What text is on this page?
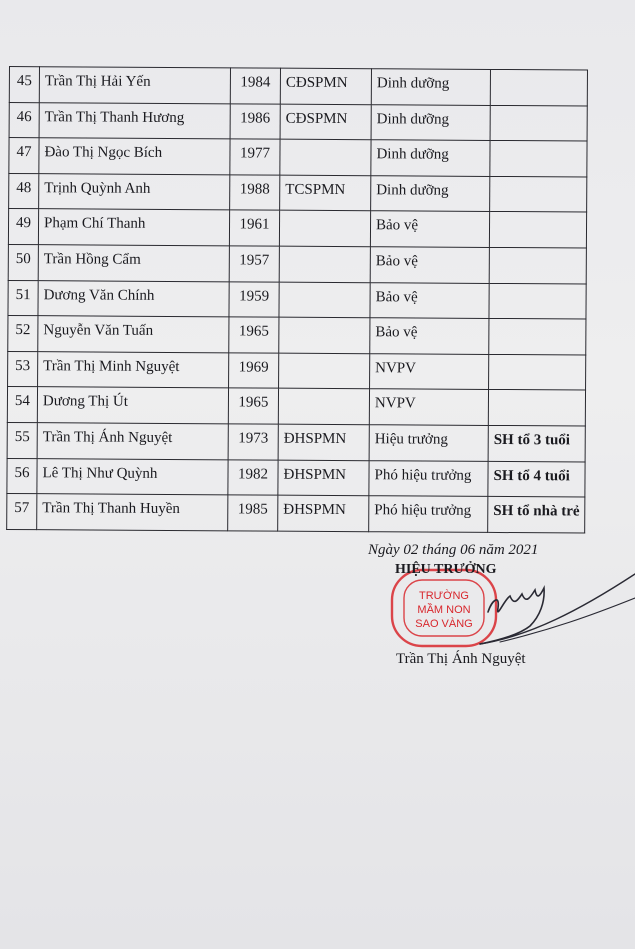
45	Trần Thị Hải Yến	1984	CĐSPMN	Dinh dưỡng	
46	Trần Thị Thanh Hương	1986	CĐSPMN	Dinh dưỡng	
47	Đào Thị Ngọc Bích	1977		Dinh dưỡng	
48	Trịnh Quỳnh Anh	1988	TCSPMN	Dinh dưỡng	
49	Phạm Chí Thanh	1961		Bảo vệ	
50	Trần Hồng Cẩm	1957		Bảo vệ	
51	Dương Văn Chính	1959		Bảo vệ	
52	Nguyễn Văn Tuấn	1965		Bảo vệ	
53	Trần Thị Minh Nguyệt	1969		NVPV	
54	Dương Thị Út	1965		NVPV	
55	Trần Thị Ánh Nguyệt	1973	ĐHSPMN	Hiệu trưởng	SH tổ 3 tuổi
56	Lê Thị Như Quỳnh	1982	ĐHSPMN	Phó hiệu trưởng	SH tổ 4 tuổi
57	Trần Thị Thanh Huyền	1985	ĐHSPMN	Phó hiệu trưởng	SH tổ nhà trẻ
Ngày 02 tháng 06 năm 2021
TRƯỜNG
MẦM NON
SAO VÀNG
HIỆU TRƯỞNG
Trần Thị Ánh Nguyệt
